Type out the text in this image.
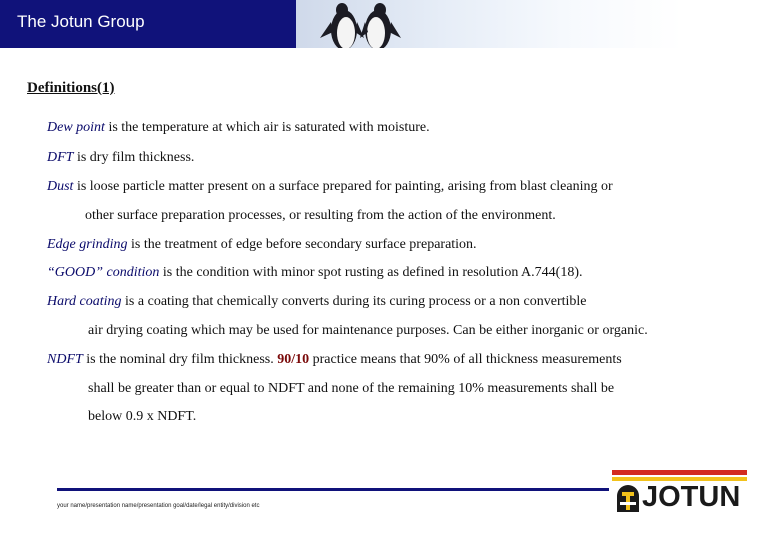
The Jotun Group
Definitions(1)
Dew point is the temperature at which air is saturated with moisture.
DFT is dry film thickness.
Dust is loose particle matter present on a surface prepared for painting, arising from blast cleaning or
other surface preparation processes, or resulting from the action of the environment.
Edge grinding is the treatment of edge before secondary surface preparation.
“GOOD” condition is the condition with minor spot rusting as defined in resolution A.744(18).
Hard coating is a coating that chemically converts during its curing process or a non convertible
air drying coating which may be used for maintenance purposes. Can be either inorganic or organic.
NDFT is the nominal dry film thickness. 90/10 practice means that 90% of all thickness measurements
shall be greater than or equal to NDFT and none of the remaining 10% measurements shall be
below 0.9 x NDFT.
your name/presentation name/presentation goal/date/legal entity/division etc	JOTUN
